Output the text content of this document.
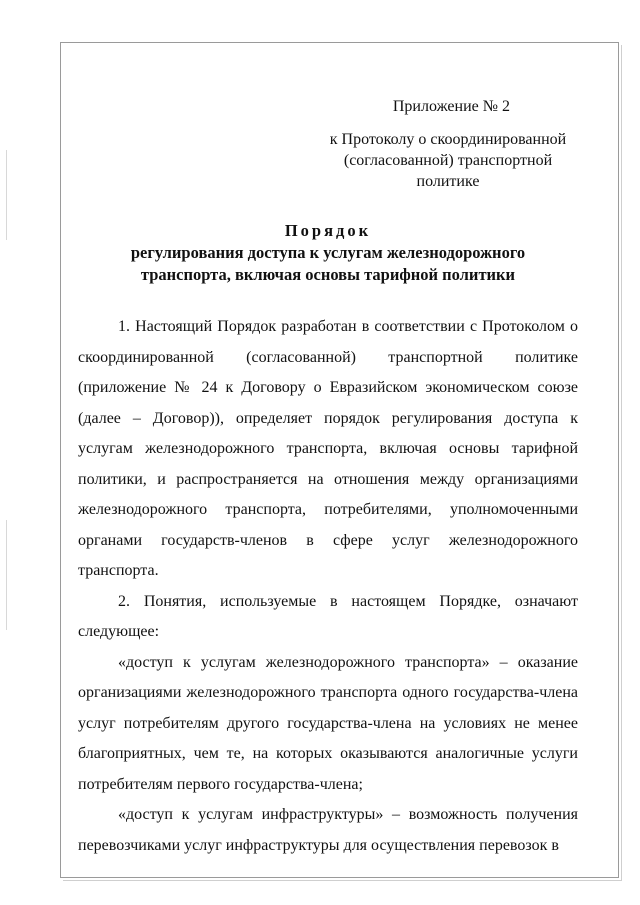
Приложение № 2
к Протоколу о скоординированной
(согласованной) транспортной
политике
Порядок
регулирования доступа к услугам железнодорожного
транспорта, включая основы тарифной политики

1. Настоящий Порядок разработан в соответствии с Протоколом о скоординированной (согласованной) транспортной политике (приложение № 24 к Договору о Евразийском экономическом союзе (далее – Договор)), определяет порядок регулирования доступа к услугам железнодорожного транспорта, включая основы тарифной политики, и распространяется на отношения между организациями железнодорожного транспорта, потребителями, уполномоченными органами государств-членов в сфере услуг железнодорожного транспорта.

2. Понятия, используемые в настоящем Порядке, означают следующее:

«доступ к услугам железнодорожного транспорта» – оказание организациями железнодорожного транспорта одного государства-члена услуг потребителям другого государства-члена на условиях не менее благоприятных, чем те, на которых оказываются аналогичные услуги потребителям первого государства-члена;

«доступ к услугам инфраструктуры» – возможность получения перевозчиками услуг инфраструктуры для осуществления перевозок в
